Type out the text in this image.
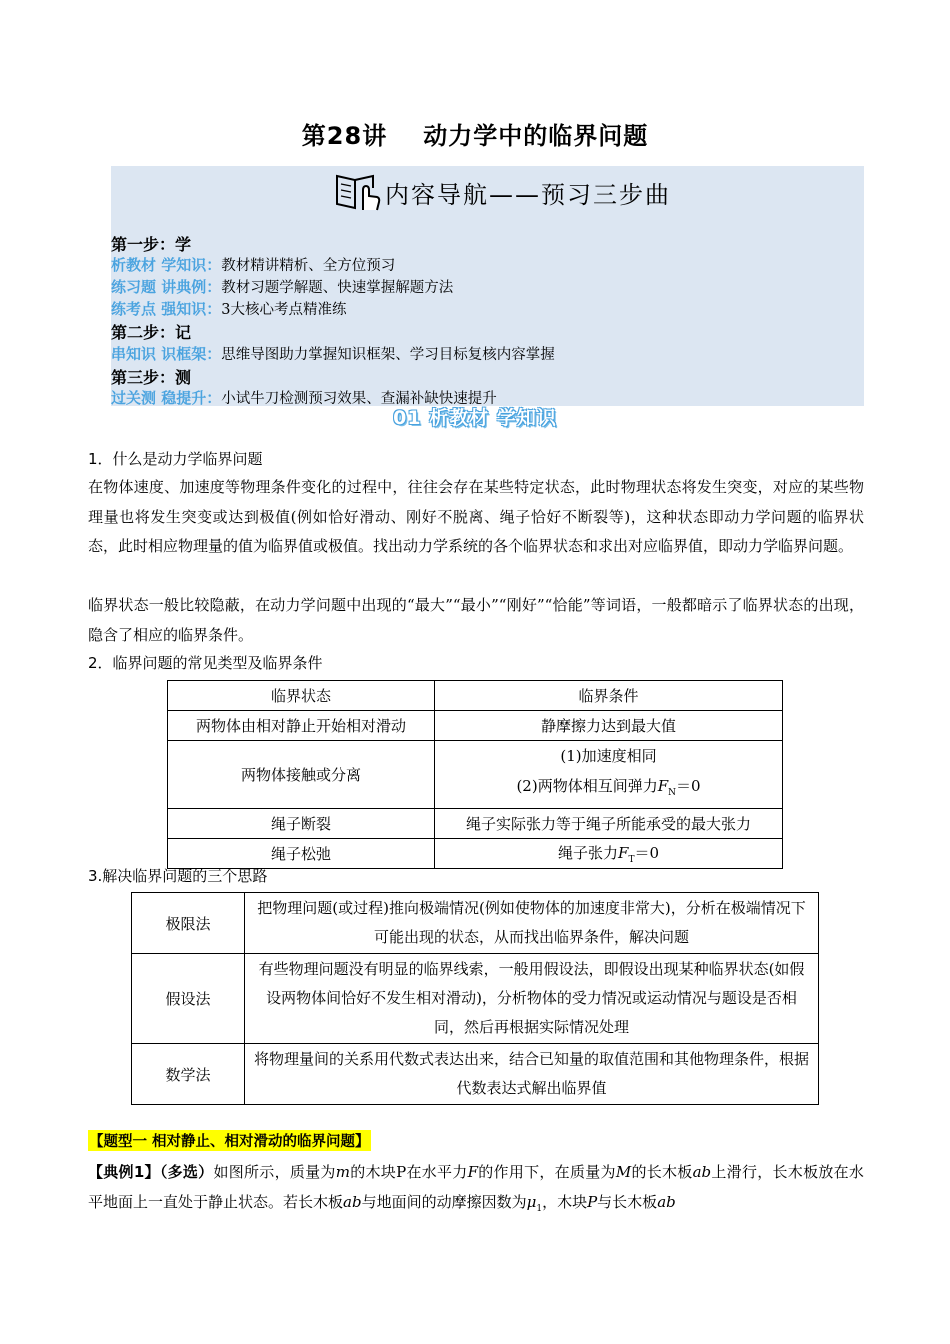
第28讲 动力学中的临界问题
内容导航——预习三步曲
第一步：学
析教材 学知识：教材精讲精析、全方位预习
练习题 讲典例：教材习题学解题、快速掌握解题方法
练考点 强知识：3大核心考点精准练
第二步：记
串知识 识框架：思维导图助力掌握知识框架、学习目标复核内容掌握
第三步：测
过关测 稳提升：小试牛刀检测预习效果、查漏补缺快速提升
01 析教材 学知识
1．什么是动力学临界问题
在物体速度、加速度等物理条件变化的过程中，往往会存在某些特定状态，此时物理状态将发生突变，对应的某些物理量也将发生突变或达到极值(例如恰好滑动、刚好不脱离、绳子恰好不断裂等)，这种状态即动力学问题的临界状态，此时相应物理量的值为临界值或极值。找出动力学系统的各个临界状态和求出对应临界值，即动力学临界问题。
临界状态一般比较隐蔽，在动力学问题中出现的“最大”“最小”“刚好”“恰能”等词语，一般都暗示了临界状态的出现，隐含了相应的临界条件。
2．临界问题的常见类型及临界条件
临界状态	临界条件
两物体由相对静止开始相对滑动	静摩擦力达到最大值
两物体接触或分离	(1)加速度相同
(2)两物体相互间弹力$F_N=0$

绳子断裂	绳子实际张力等于绳子所能承受的最大张力
绳子松弛	绳子张力$F_T=0$
3.解决临界问题的三个思路
极限法	把物理问题(或过程)推向极端情况(例如使物体的加速度非常大)，分析在极端情况下可能出现的状态，从而找出临界条件，解决问题
假设法	有些物理问题没有明显的临界线索，一般用假设法，即假设出现某种临界状态(如假设两物体间恰好不发生相对滑动)，分析物体的受力情况或运动情况与题设是否相同，然后再根据实际情况处理
数学法	将物理量间的关系用代数式表达出来，结合已知量的取值范围和其他物理条件，根据代数表达式解出临界值
【题型一 相对静止、相对滑动的临界问题】
【典例1】（多选）如图所示，质量为m的木块P在水平力F的作用下，在质量为M的长木板ab上滑行，长木板放在水平地面上一直处于静止状态。若长木板ab与地面间的动摩擦因数为$\mu_1$，木块P与长木板ab
